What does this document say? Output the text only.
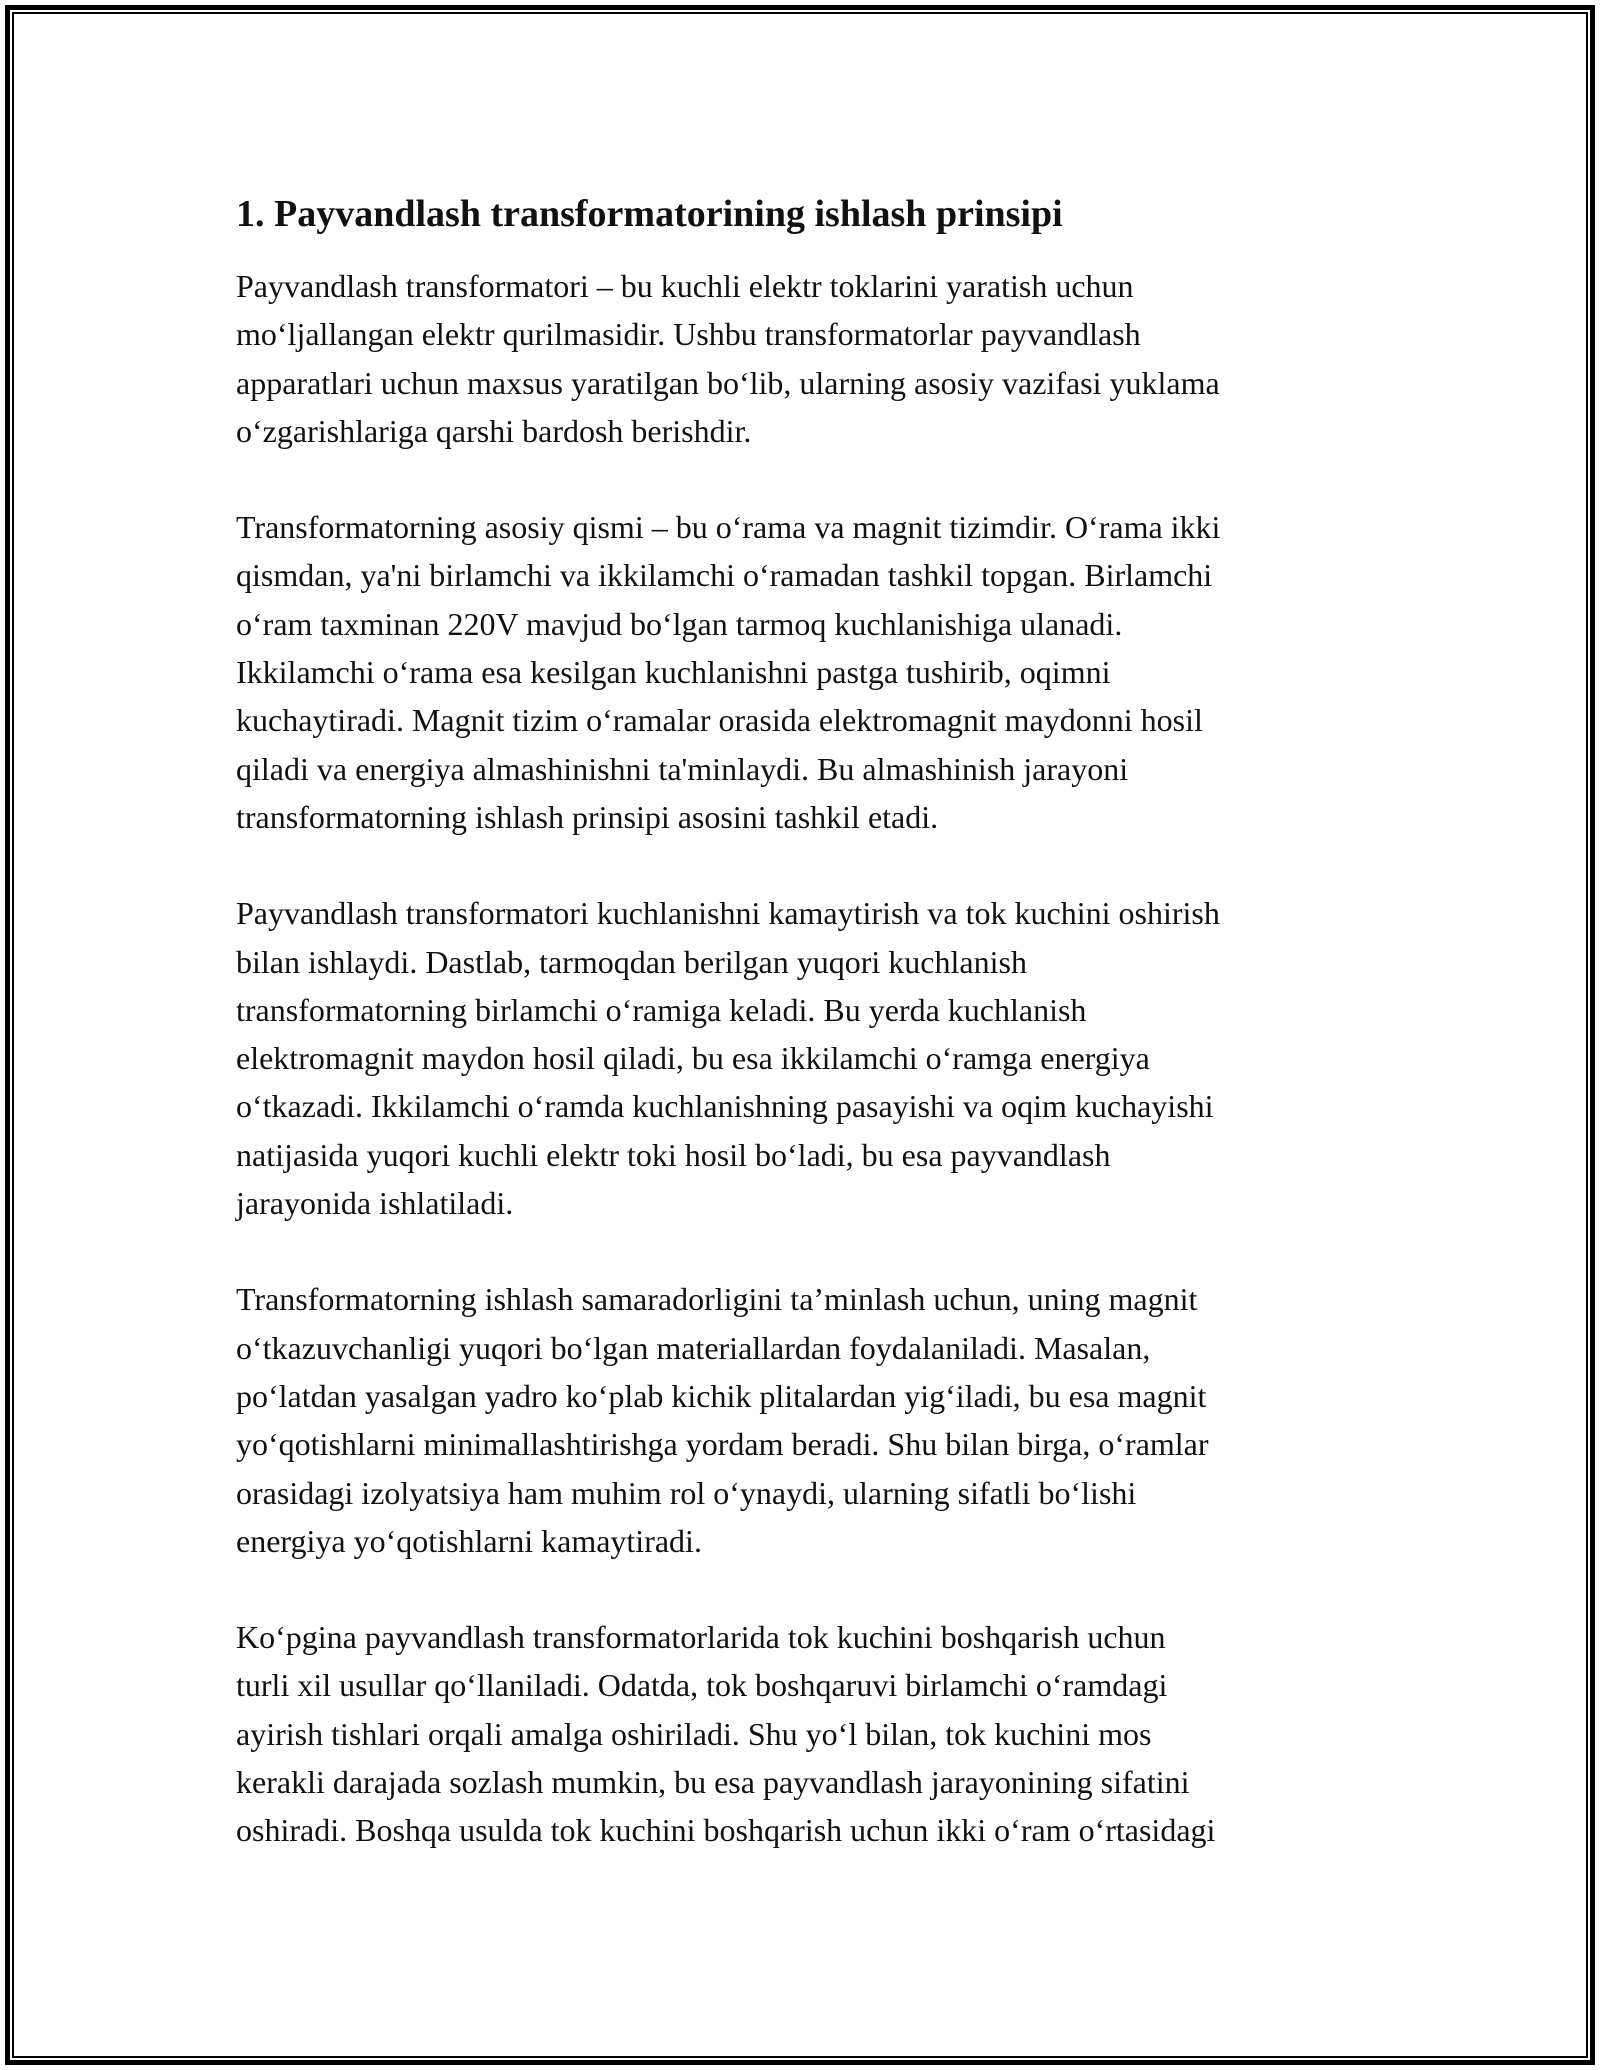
1. Payvandlash transformatorining ishlash prinsipi

Payvandlash transformatori – bu kuchli elektr toklarini yaratish uchun
mo‘ljallangan elektr qurilmasidir. Ushbu transformatorlar payvandlash
apparatlari uchun maxsus yaratilgan bo‘lib, ularning asosiy vazifasi yuklama
o‘zgarishlariga qarshi bardosh berishdir.

Transformatorning asosiy qismi – bu o‘rama va magnit tizimdir. O‘rama ikki
qismdan, ya'ni birlamchi va ikkilamchi o‘ramadan tashkil topgan. Birlamchi
o‘ram taxminan 220V mavjud bo‘lgan tarmoq kuchlanishiga ulanadi.
Ikkilamchi o‘rama esa kesilgan kuchlanishni pastga tushirib, oqimni
kuchaytiradi. Magnit tizim o‘ramalar orasida elektromagnit maydonni hosil
qiladi va energiya almashinishni ta'minlaydi. Bu almashinish jarayoni
transformatorning ishlash prinsipi asosini tashkil etadi.

Payvandlash transformatori kuchlanishni kamaytirish va tok kuchini oshirish
bilan ishlaydi. Dastlab, tarmoqdan berilgan yuqori kuchlanish
transformatorning birlamchi o‘ramiga keladi. Bu yerda kuchlanish
elektromagnit maydon hosil qiladi, bu esa ikkilamchi o‘ramga energiya
o‘tkazadi. Ikkilamchi o‘ramda kuchlanishning pasayishi va oqim kuchayishi
natijasida yuqori kuchli elektr toki hosil bo‘ladi, bu esa payvandlash
jarayonida ishlatiladi.

Transformatorning ishlash samaradorligini ta’minlash uchun, uning magnit
o‘tkazuvchanligi yuqori bo‘lgan materiallardan foydalaniladi. Masalan,
po‘latdan yasalgan yadro ko‘plab kichik plitalardan yig‘iladi, bu esa magnit
yo‘qotishlarni minimallashtirishga yordam beradi. Shu bilan birga, o‘ramlar
orasidagi izolyatsiya ham muhim rol o‘ynaydi, ularning sifatli bo‘lishi
energiya yo‘qotishlarni kamaytiradi.

Ko‘pgina payvandlash transformatorlarida tok kuchini boshqarish uchun
turli xil usullar qo‘llaniladi. Odatda, tok boshqaruvi birlamchi o‘ramdagi
ayirish tishlari orqali amalga oshiriladi. Shu yo‘l bilan, tok kuchini mos
kerakli darajada sozlash mumkin, bu esa payvandlash jarayonining sifatini
oshiradi. Boshqa usulda tok kuchini boshqarish uchun ikki o‘ram o‘rtasidagi
